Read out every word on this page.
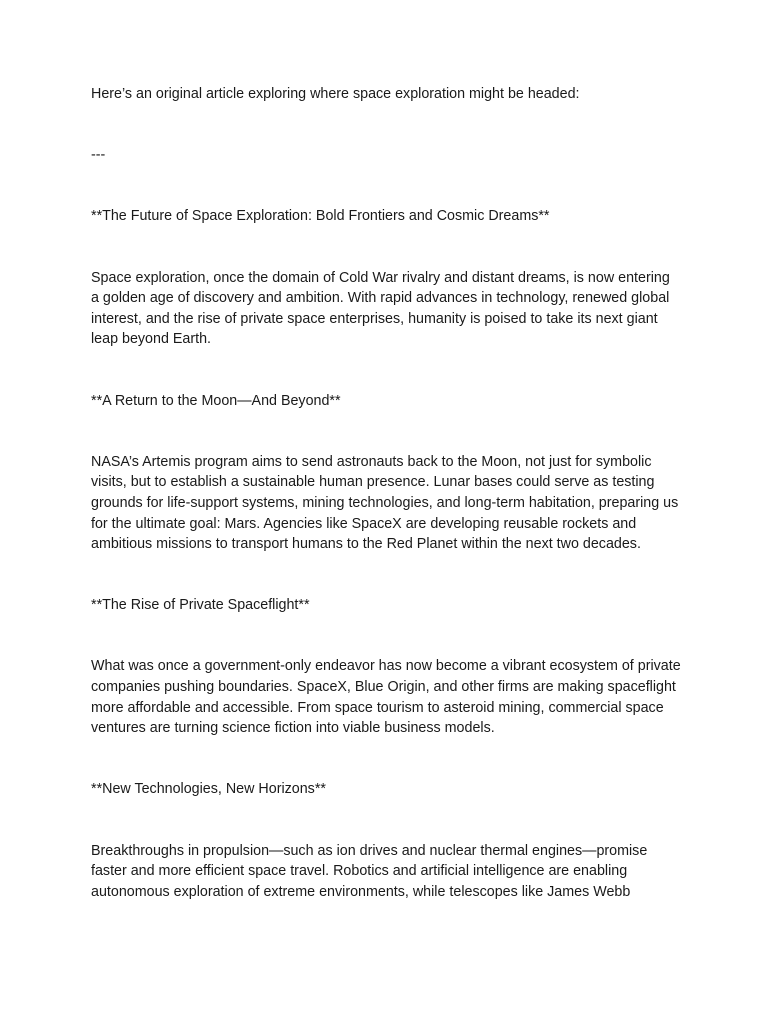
Here’s an original article exploring where space exploration might be headed:

---

**The Future of Space Exploration: Bold Frontiers and Cosmic Dreams**

Space exploration, once the domain of Cold War rivalry and distant dreams, is now entering a golden age of discovery and ambition. With rapid advances in technology, renewed global interest, and the rise of private space enterprises, humanity is poised to take its next giant leap beyond Earth.

**A Return to the Moon—And Beyond**

NASA’s Artemis program aims to send astronauts back to the Moon, not just for symbolic visits, but to establish a sustainable human presence. Lunar bases could serve as testing grounds for life-support systems, mining technologies, and long-term habitation, preparing us for the ultimate goal: Mars. Agencies like SpaceX are developing reusable rockets and ambitious missions to transport humans to the Red Planet within the next two decades.

**The Rise of Private Spaceflight**

What was once a government-only endeavor has now become a vibrant ecosystem of private companies pushing boundaries. SpaceX, Blue Origin, and other firms are making spaceflight more affordable and accessible. From space tourism to asteroid mining, commercial space ventures are turning science fiction into viable business models.

**New Technologies, New Horizons**

Breakthroughs in propulsion—such as ion drives and nuclear thermal engines—promise faster and more efficient space travel. Robotics and artificial intelligence are enabling autonomous exploration of extreme environments, while telescopes like James Webb
